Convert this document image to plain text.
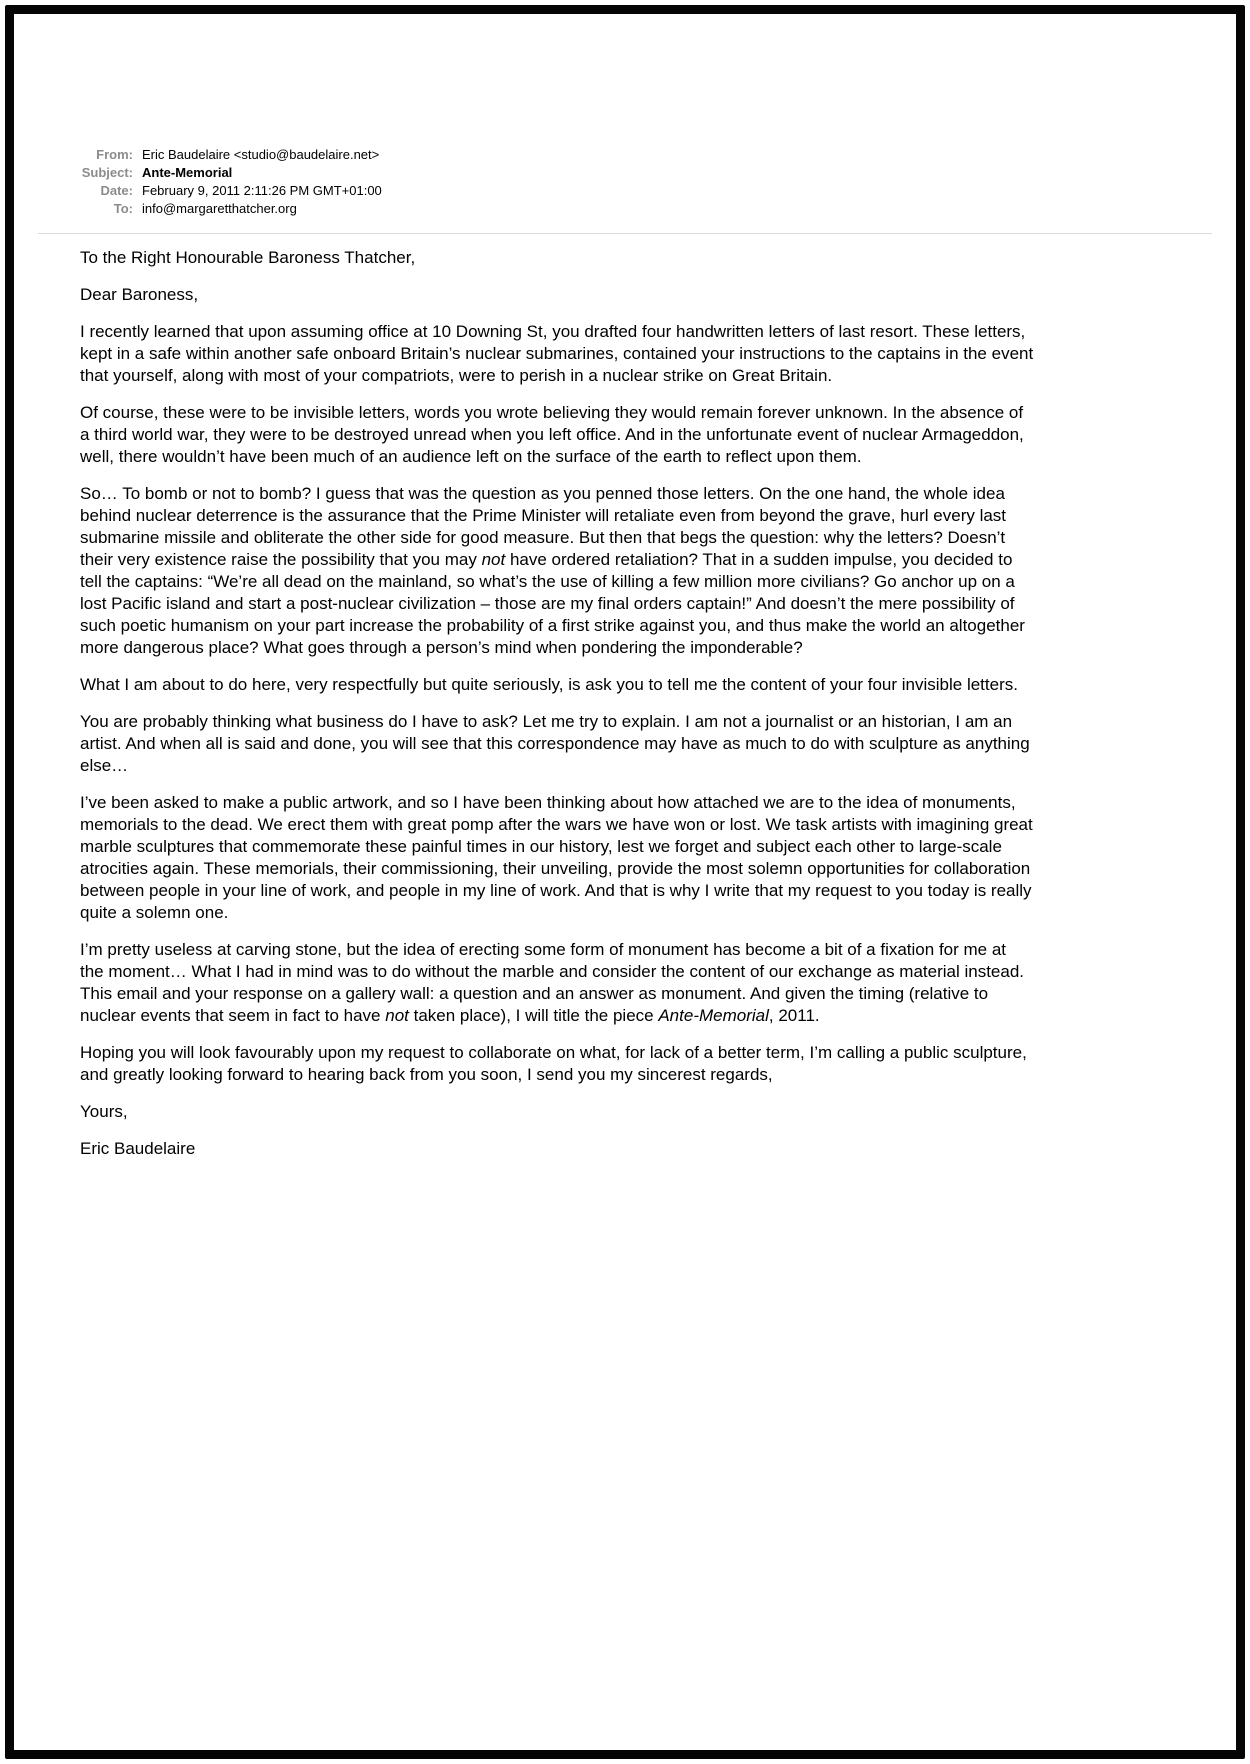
From: Eric Baudelaire <studio@baudelaire.net>
Subject: Ante-Memorial
Date: February 9, 2011 2:11:26 PM GMT+01:00
To: info@margaretthatcher.org

To the Right Honourable Baroness Thatcher,

Dear Baroness,

I recently learned that upon assuming office at 10 Downing St, you drafted four handwritten letters of last resort. These letters, kept in a safe within another safe onboard Britain’s nuclear submarines, contained your instructions to the captains in the event that yourself, along with most of your compatriots, were to perish in a nuclear strike on Great Britain.

Of course, these were to be invisible letters, words you wrote believing they would remain forever unknown. In the absence of a third world war, they were to be destroyed unread when you left office. And in the unfortunate event of nuclear Armageddon, well, there wouldn’t have been much of an audience left on the surface of the earth to reflect upon them.

So… To bomb or not to bomb? I guess that was the question as you penned those letters. On the one hand, the whole idea behind nuclear deterrence is the assurance that the Prime Minister will retaliate even from beyond the grave, hurl every last submarine missile and obliterate the other side for good measure. But then that begs the question: why the letters? Doesn’t their very existence raise the possibility that you may not have ordered retaliation? That in a sudden impulse, you decided to tell the captains: “We’re all dead on the mainland, so what’s the use of killing a few million more civilians? Go anchor up on a lost Pacific island and start a post-nuclear civilization – those are my final orders captain!” And doesn’t the mere possibility of such poetic humanism on your part increase the probability of a first strike against you, and thus make the world an altogether more dangerous place? What goes through a person’s mind when pondering the imponderable?

What I am about to do here, very respectfully but quite seriously, is ask you to tell me the content of your four invisible letters.

You are probably thinking what business do I have to ask? Let me try to explain. I am not a journalist or an historian, I am an artist. And when all is said and done, you will see that this correspondence may have as much to do with sculpture as anything else…

I’ve been asked to make a public artwork, and so I have been thinking about how attached we are to the idea of monuments, memorials to the dead. We erect them with great pomp after the wars we have won or lost. We task artists with imagining great marble sculptures that commemorate these painful times in our history, lest we forget and subject each other to large-scale atrocities again. These memorials, their commissioning, their unveiling, provide the most solemn opportunities for collaboration between people in your line of work, and people in my line of work. And that is why I write that my request to you today is really quite a solemn one.

I’m pretty useless at carving stone, but the idea of erecting some form of monument has become a bit of a fixation for me at the moment… What I had in mind was to do without the marble and consider the content of our exchange as material instead. This email and your response on a gallery wall: a question and an answer as monument. And given the timing (relative to nuclear events that seem in fact to have not taken place), I will title the piece Ante-Memorial, 2011.

Hoping you will look favourably upon my request to collaborate on what, for lack of a better term, I’m calling a public sculpture, and greatly looking forward to hearing back from you soon, I send you my sincerest regards,

Yours,

Eric Baudelaire
